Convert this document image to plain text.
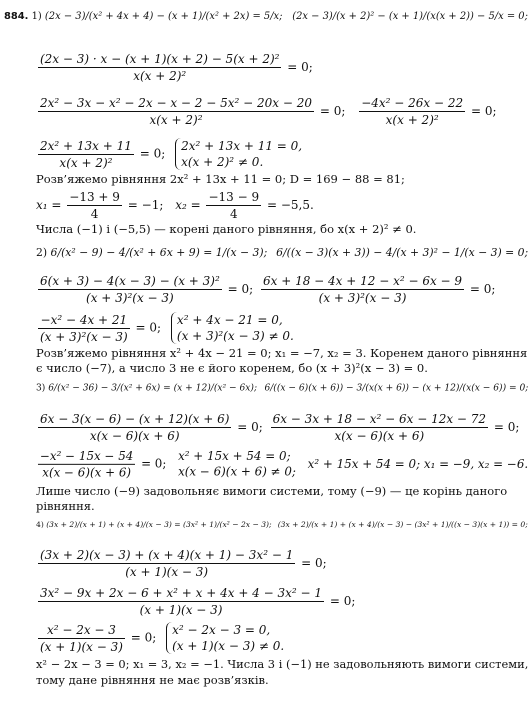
884. 1) (2x − 3)/(x² + 4x + 4) − (x + 1)/(x² + 2x) = 5/x; (2x − 3)/(x + 2)² − (x + 1)/(x(x + 2)) − 5/x = 0;
$\frac{\text{(2x − 3) · x − (x + 1)(x + 2) − 5(x + 2)²}}{\text{x(x + 2)²}} = 0$;
$\frac{\text{2x² − 3x − x² − 2x − x − 2 − 5x² − 20x − 20}}{\text{x(x + 2)²}} = 0$; $\frac{\text{−4x² − 26x − 22}}{\text{x(x + 2)²}} = 0$;
$\frac{\text{2x² + 13x + 11}}{\text{x(x + 2)²}} = 0$;
2x² + 13x + 11 = 0,
x(x + 2)² ≠ 0.
Розв’яжемо рівняння 2x² + 13x + 11 = 0; D = 169 − 88 = 81;
$x_1 = \frac{-13 + 9}{4} = -1$; $x_2 = \frac{-13 - 9}{4} = -5,5$.
Числа (−1) і (−5,5) — корені даного рівняння, бо x(x + 2)² ≠ 0.
2) 6/(x² − 9) − 4/(x² + 6x + 9) = 1/(x − 3); 6/((x − 3)(x + 3)) − 4/(x + 3)² − 1/(x − 3) = 0;
$\frac{\text{6(x + 3) − 4(x − 3) − (x + 3)²}}{\text{(x + 3)²(x − 3)}} = 0$; $\frac{\text{6x + 18 − 4x + 12 − x² − 6x − 9}}{\text{(x + 3)²(x − 3)}} = 0$;
$\frac{\text{−x² − 4x + 21}}{\text{(x + 3)²(x − 3)}} = 0$;
x² + 4x − 21 = 0,
(x + 3)²(x − 3) ≠ 0.
Розв’яжемо рівняння x² + 4x − 21 = 0; x₁ = −7, x₂ = 3. Коренем даного рівняння
є число (−7), а число 3 не є його коренем, бо (x + 3)²(x − 3) = 0.
3) 6/(x² − 36) − 3/(x² + 6x) = (x + 12)/(x² − 6x); 6/((x − 6)(x + 6)) − 3/(x(x + 6)) − (x + 12)/(x(x − 6)) = 0;
$\frac{6x - 3(x - 6) - (x + 12)(x + 6)}{x(x - 6)(x + 6)} = 0$; $\frac{\text{6x − 3x + 18 − x² − 6x − 12x − 72}}{x(x - 6)(x + 6)} = 0$;
$\frac{\text{−x² − 15x − 54}}{x(x - 6)(x + 6)} = 0$;
x² + 15x + 54 = 0;
x(x − 6)(x + 6) ≠ 0;
x² + 15x + 54 = 0; x₁ = −9, x₂ = −6.
Лише число (−9) задовольняє вимоги системи, тому (−9) — це корінь даного
рівняння.
4) (3x + 2)/(x + 1) + (x + 4)/(x − 3) = (3x² + 1)/(x² − 2x − 3); (3x + 2)/(x + 1) + (x + 4)/(x − 3) − (3x² + 1)/((x − 3)(x + 1)) = 0;
$\frac{\text{(3x + 2)(x − 3) + (x + 4)(x + 1) − 3x² − 1}}{(x + 1)(x - 3)} = 0$;
$\frac{\text{3x² − 9x + 2x − 6 + x² + x + 4x + 4 − 3x² − 1}}{(x + 1)(x - 3)} = 0$;
$\frac{\text{x² − 2x − 3}}{(x + 1)(x - 3)} = 0$;
x² − 2x − 3 = 0,
(x + 1)(x − 3) ≠ 0.
x² − 2x − 3 = 0; x₁ = 3, x₂ = −1. Числа 3 і (−1) не задовольняють вимоги системи,
тому дане рівняння не має розв’язків.
